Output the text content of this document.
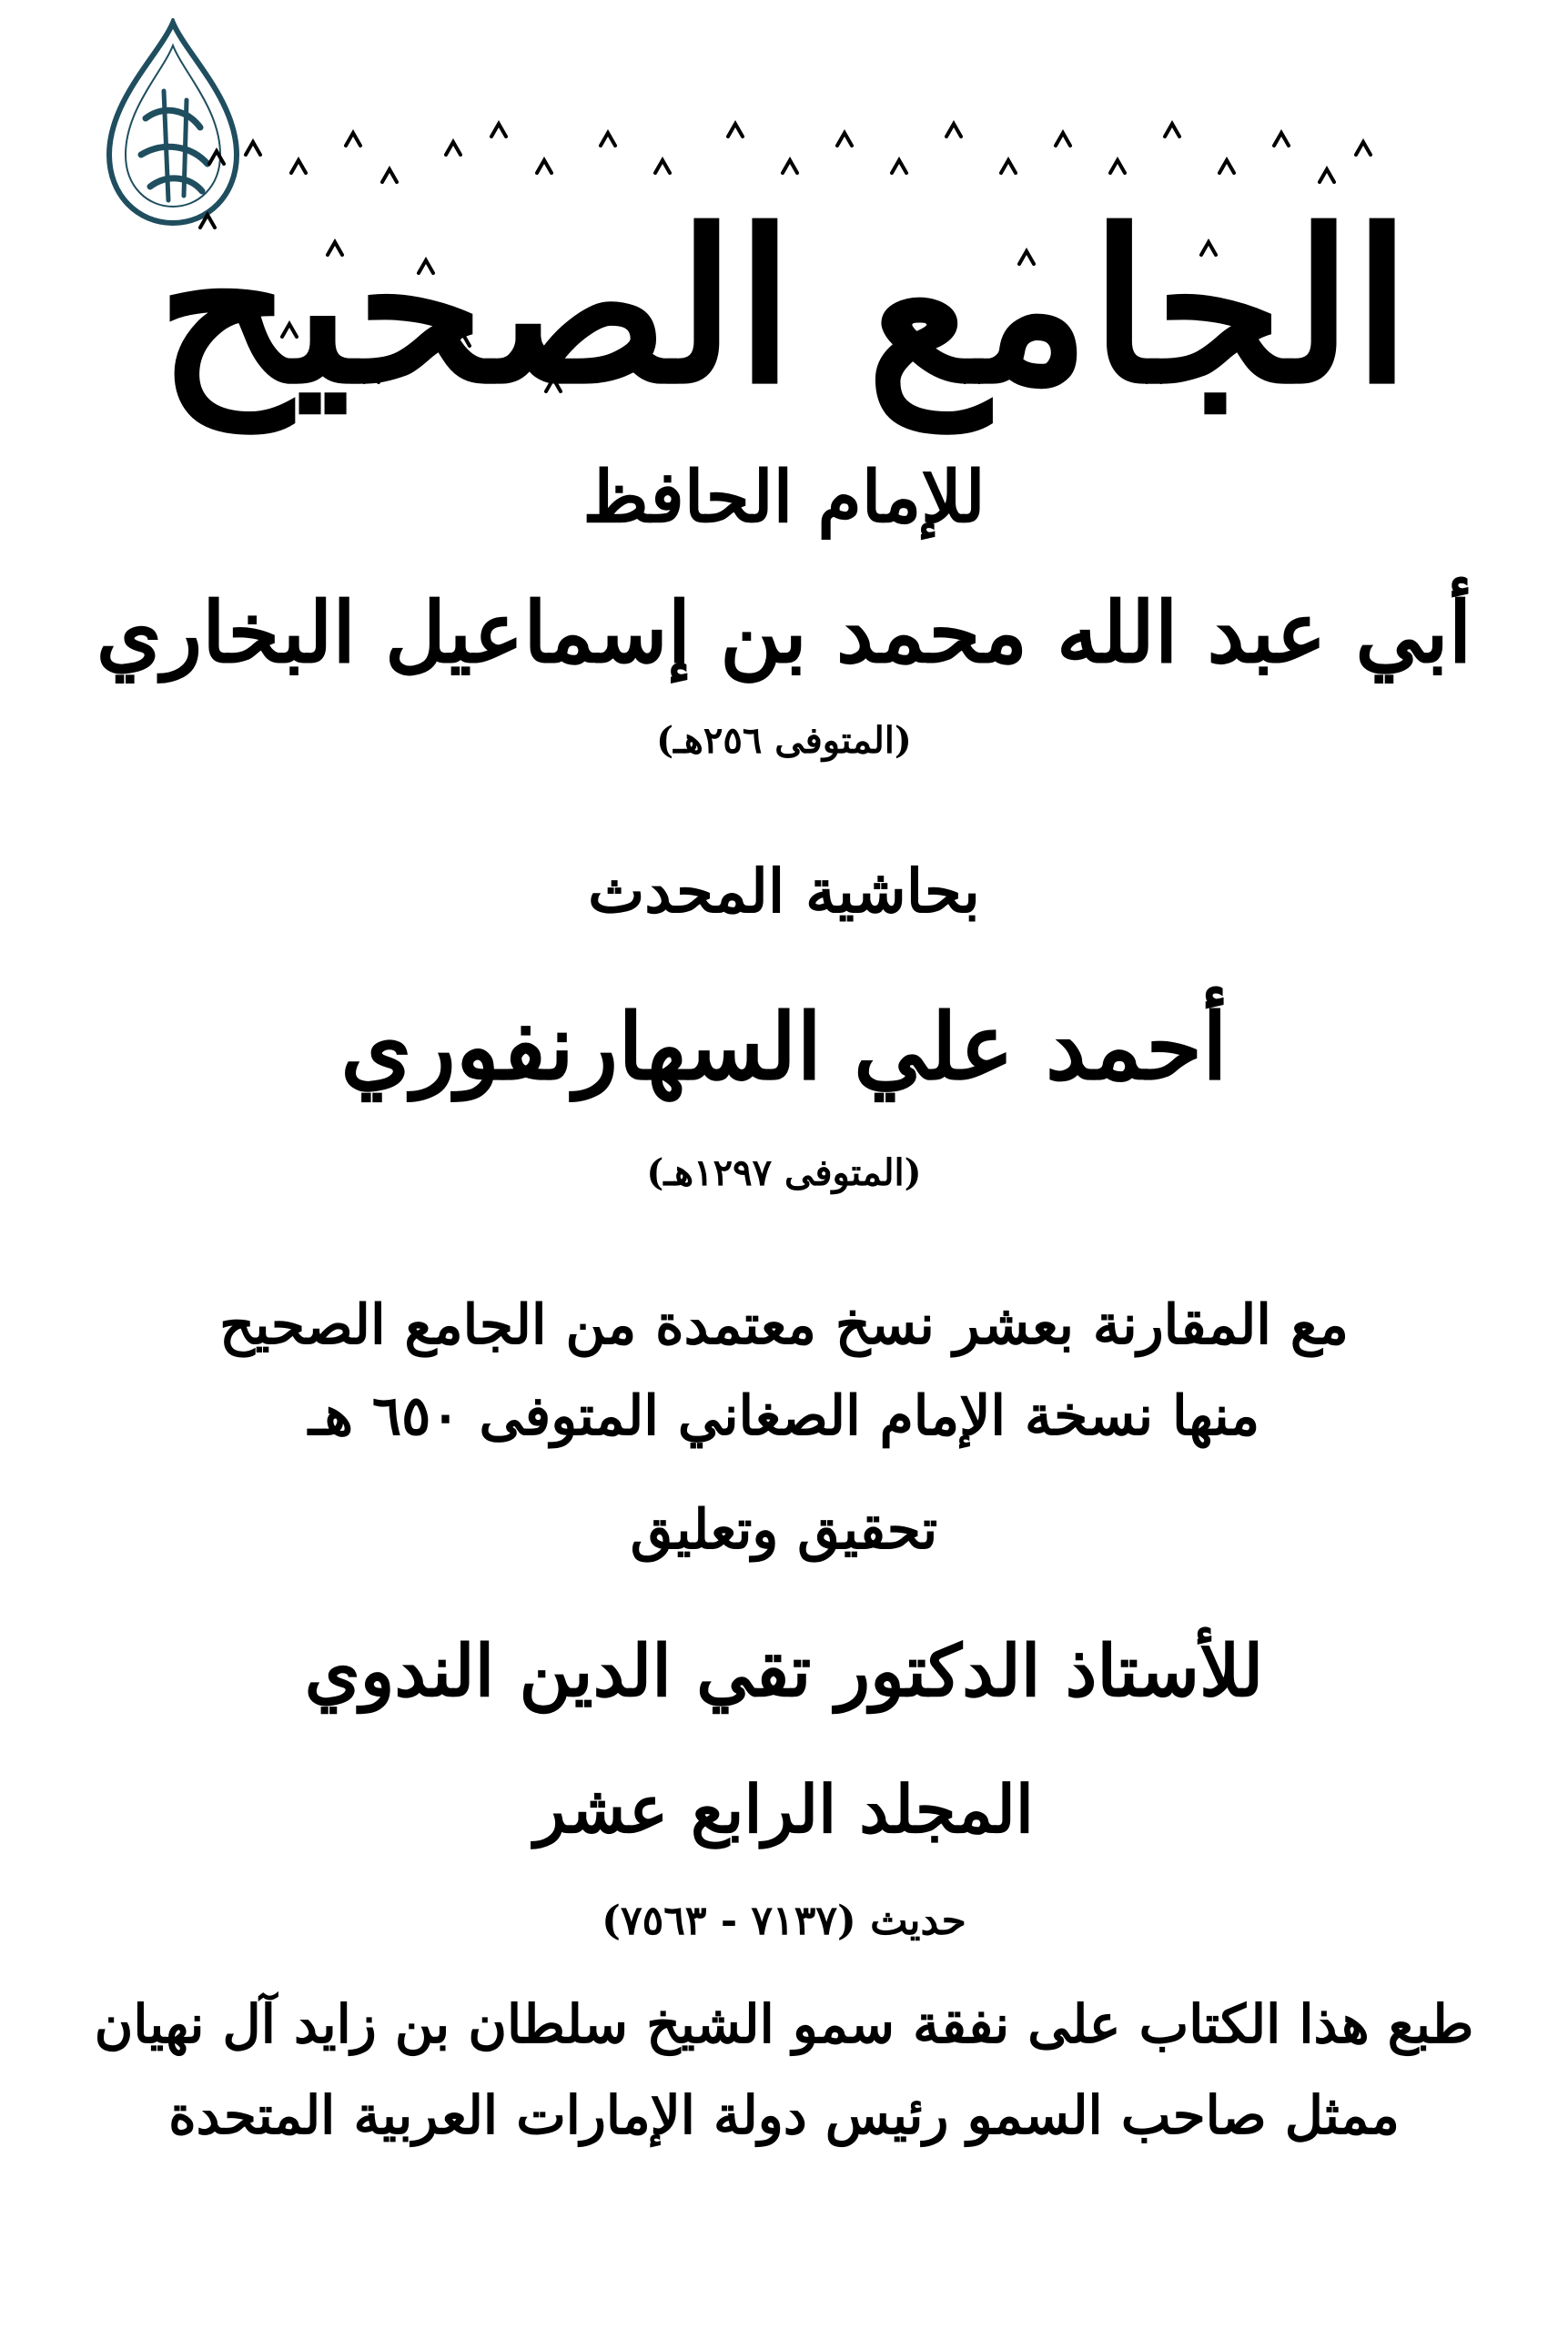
الجامع الصحيح
للإمام الحافظ
أبي عبد الله محمد بن إسماعيل البخاري
(المتوفى ٢٥٦هـ)
بحاشية المحدث
أحمد علي السهارنفوري
(المتوفى ١٢٩٧هـ)
مع المقارنة بعشر نسخ معتمدة من الجامع الصحيح
منها نسخة الإمام الصغاني المتوفى ٦٥٠ هـ
تحقيق وتعليق
للأستاذ الدكتور تقي الدين الندوي
المجلد الرابع عشر
حديث (٧١٣٧ - ٧٥٦٣)
طبع هذا الكتاب على نفقة سمو الشيخ سلطان بن زايد آل نهيان
ممثل صاحب السمو رئيس دولة الإمارات العربية المتحدة
